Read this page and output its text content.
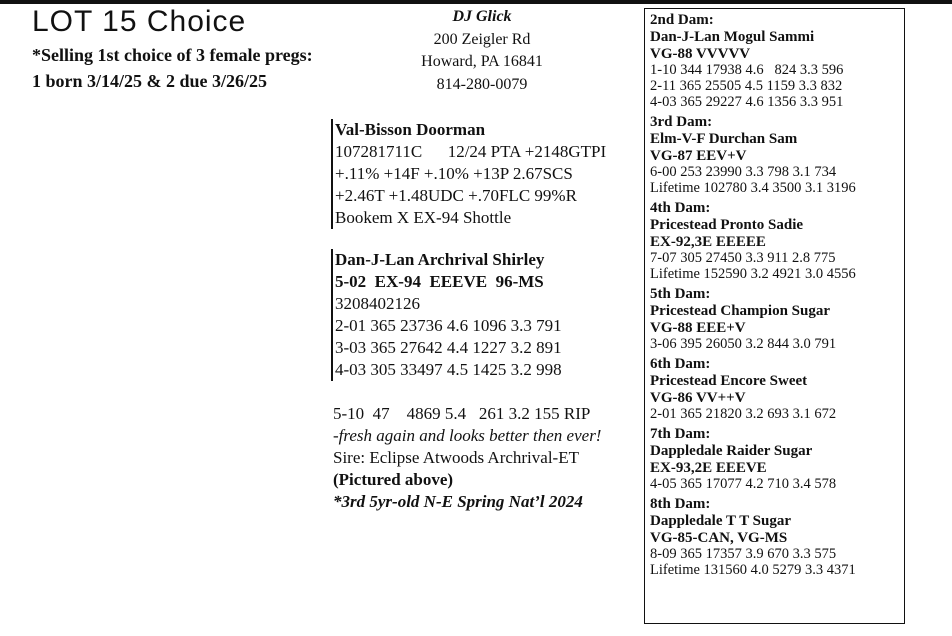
LOT 15 Choice
*Selling 1st choice of 3 female pregs:
1 born 3/14/25 & 2 due 3/26/25
DJ Glick
200 Zeigler Rd
Howard, PA 16841
814-280-0079
Val-Bisson Doorman
107281711C      12/24 PTA +2148GTPI
+.11% +14F +.10% +13P 2.67SCS
+2.46T +1.48UDC +.70FLC 99%R
Bookem X EX-94 Shottle
Dan-J-Lan Archrival Shirley
5-02  EX-94  EEEVE  96-MS
3208402126
2-01 365 23736 4.6 1096 3.3 791
3-03 365 27642 4.4 1227 3.2 891
4-03 305 33497 4.5 1425 3.2 998
5-10  47    4869 5.4   261 3.2 155 RIP
-fresh again and looks better then ever!
Sire: Eclipse Atwoods Archrival-ET
(Pictured above)
*3rd 5yr-old N-E Spring Nat’l 2024
2nd Dam:
Dan-J-Lan Mogul Sammi
VG-88 VVVVV
1-10 344 17938 4.6   824 3.3 596
2-11 365 25505 4.5 1159 3.3 832
4-03 365 29227 4.6 1356 3.3 951
3rd Dam:
Elm-V-F Durchan Sam
VG-87 EEV+V
6-00 253 23990 3.3 798 3.1 734
Lifetime 102780 3.4 3500 3.1 3196
4th Dam:
Pricestead Pronto Sadie
EX-92,3E EEEEE
7-07 305 27450 3.3 911 2.8 775
Lifetime 152590 3.2 4921 3.0 4556
5th Dam:
Pricestead Champion Sugar
VG-88 EEE+V
3-06 395 26050 3.2 844 3.0 791
6th Dam:
Pricestead Encore Sweet
VG-86 VV++V
2-01 365 21820 3.2 693 3.1 672
7th Dam:
Dappledale Raider Sugar
EX-93,2E EEEVE
4-05 365 17077 4.2 710 3.4 578
8th Dam:
Dappledale T T Sugar
VG-85-CAN, VG-MS
8-09 365 17357 3.9 670 3.3 575
Lifetime 131560 4.0 5279 3.3 4371
